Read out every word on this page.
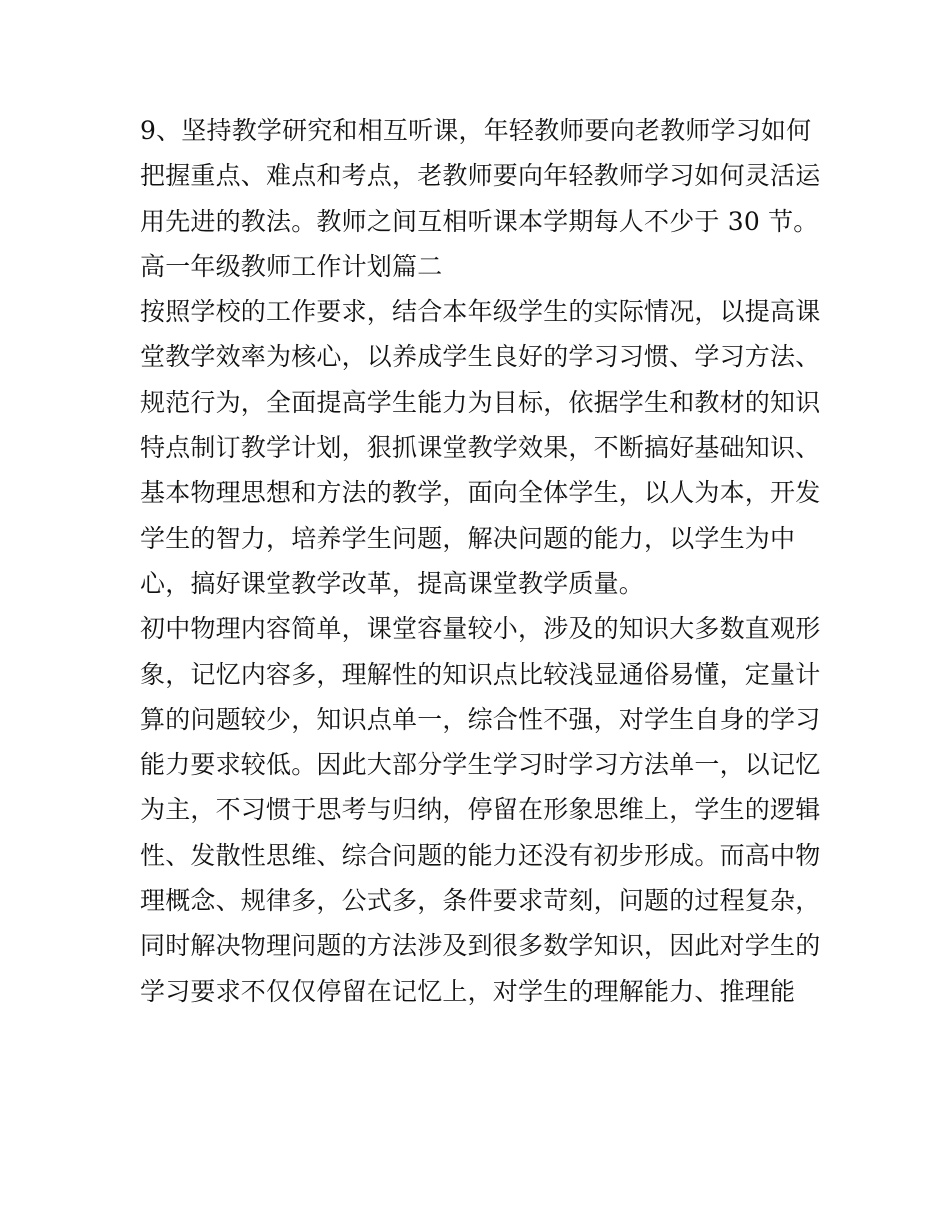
9、坚持教学研究和相互听课，年轻教师要向老教师学习如何
把握重点、难点和考点，老教师要向年轻教师学习如何灵活运
用先进的教法。教师之间互相听课本学期每人不少于 30 节。
高一年级教师工作计划篇二
按照学校的工作要求，结合本年级学生的实际情况，以提高课
堂教学效率为核心，以养成学生良好的学习习惯、学习方法、
规范行为，全面提高学生能力为目标，依据学生和教材的知识
特点制订教学计划，狠抓课堂教学效果，不断搞好基础知识、
基本物理思想和方法的教学，面向全体学生，以人为本，开发
学生的智力，培养学生问题，解决问题的能力，以学生为中
心，搞好课堂教学改革，提高课堂教学质量。
初中物理内容简单，课堂容量较小，涉及的知识大多数直观形
象，记忆内容多，理解性的知识点比较浅显通俗易懂，定量计
算的问题较少，知识点单一，综合性不强，对学生自身的学习
能力要求较低。因此大部分学生学习时学习方法单一，以记忆
为主，不习惯于思考与归纳，停留在形象思维上，学生的逻辑
性、发散性思维、综合问题的能力还没有初步形成。而高中物
理概念、规律多，公式多，条件要求苛刻，问题的过程复杂，
同时解决物理问题的方法涉及到很多数学知识，因此对学生的
学习要求不仅仅停留在记忆上，对学生的理解能力、推理能
